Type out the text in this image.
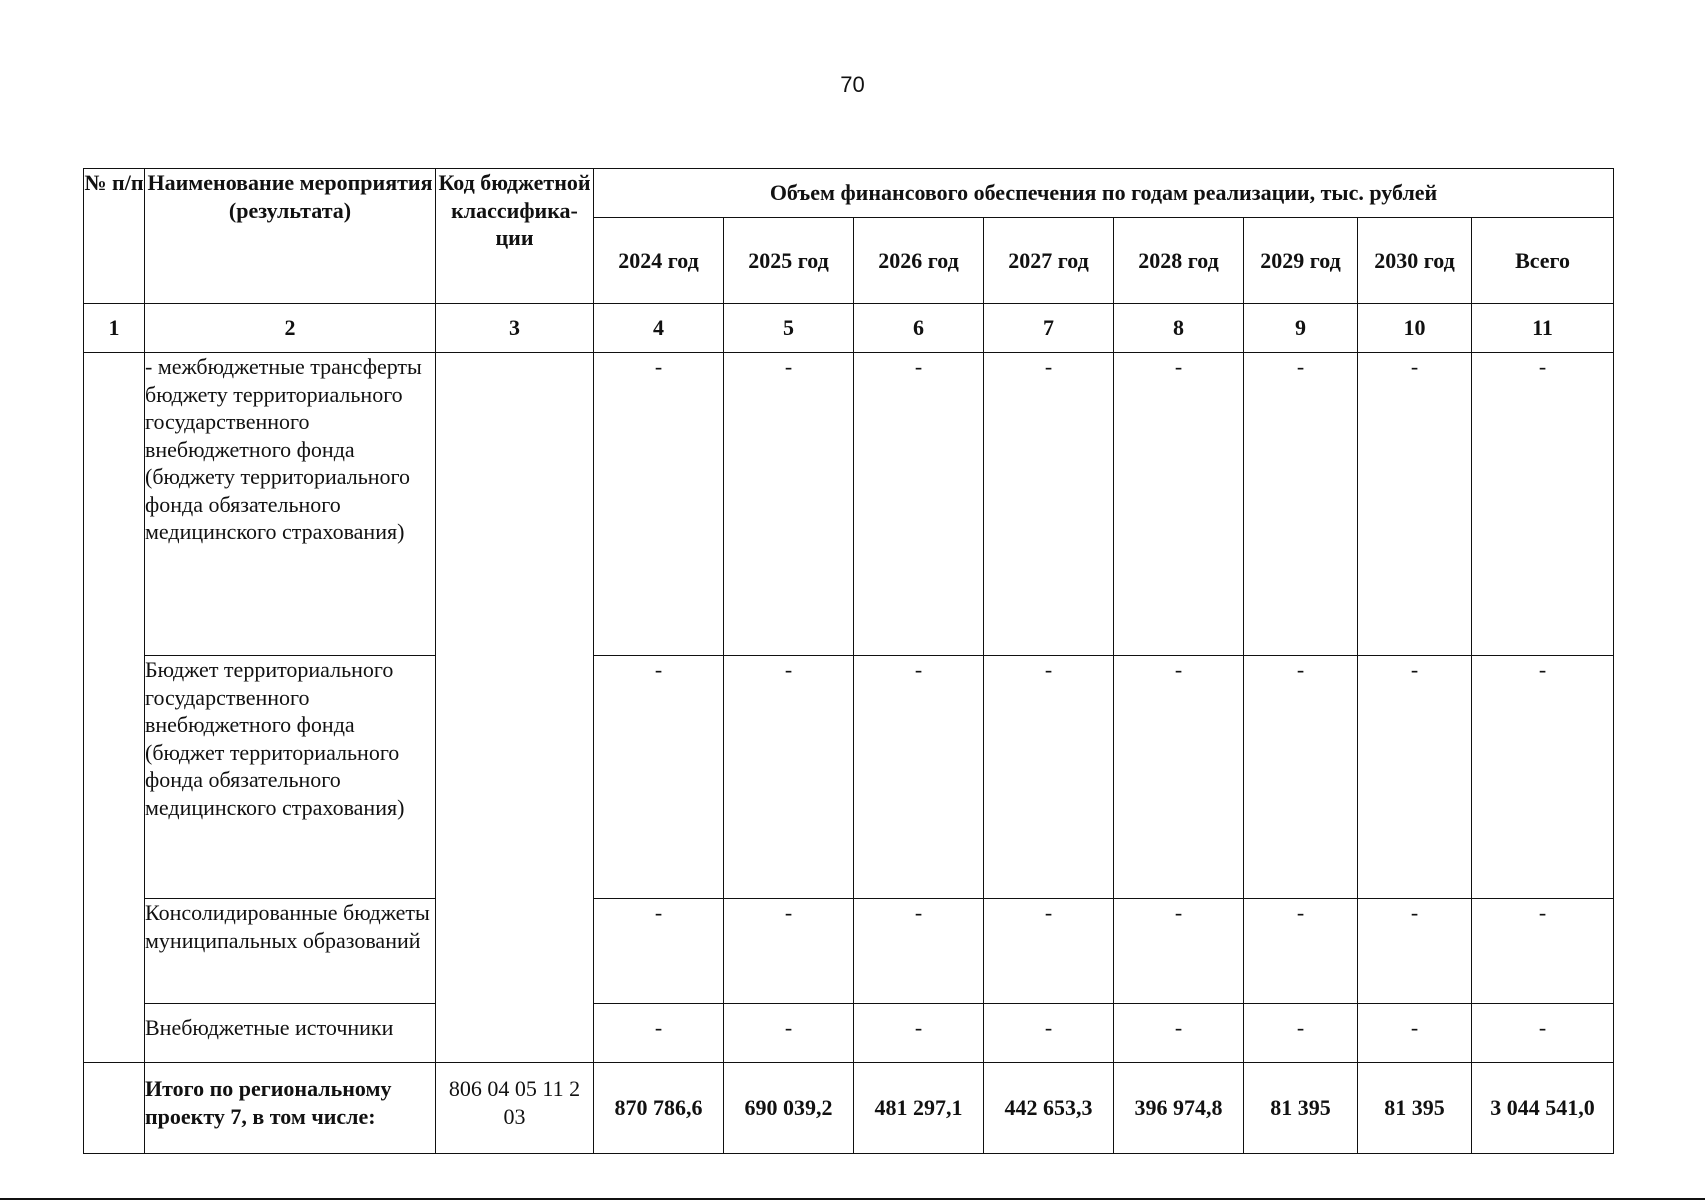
70
№ п/п	Наименование мероприятия (результата)	Код бюджетной классифика-ции	Объем финансового обеспечения по годам реализации, тыс. рублей							
			2024 год	2025 год	2026 год	2027 год	2028 год	2029 год	2030 год	Всего
1	2	3	4	5	6	7	8	9	10	11
	- межбюджетные трансферты бюджету территориального государственного внебюджетного фонда (бюджету территориального фонда обязательного медицинского страхования)		-	-	-	-	-	-	-	-
	Бюджет территориального государственного внебюджетного фонда (бюджет территориального фонда обязательного медицинского страхования)		-	-	-	-	-	-	-	-
	Консолидированные бюджеты муниципальных образований		-	-	-	-	-	-	-	-
	Внебюджетные источники		-	-	-	-	-	-	-	-
	Итого по региональному проекту 7, в том числе:	806 04 05 11 2 03	870 786,6	690 039,2	481 297,1	442 653,3	396 974,8	81 395	81 395	3 044 541,0
